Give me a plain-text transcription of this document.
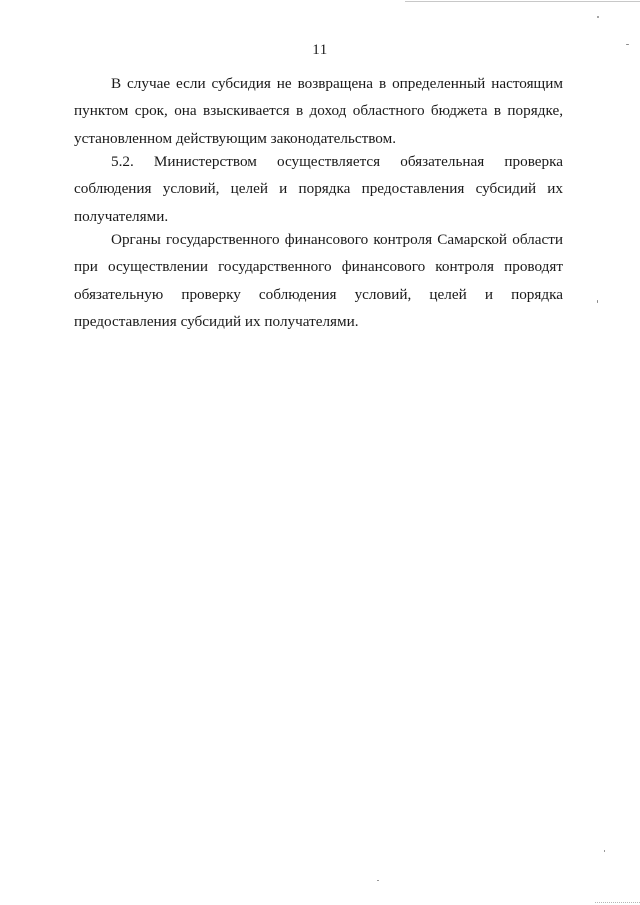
11
В случае если субсидия не возвращена в определенный настоящим
пунктом срок, она взыскивается в доход областного бюджета в порядке,
установленном действующим законодательством.
5.2. Министерством осуществляется обязательная проверка
соблюдения условий, целей и порядка предоставления субсидий их
получателями.
Органы государственного финансового контроля Самарской области
при осуществлении государственного финансового контроля проводят
обязательную проверку соблюдения условий, целей и порядка
предоставления субсидий их получателями.
